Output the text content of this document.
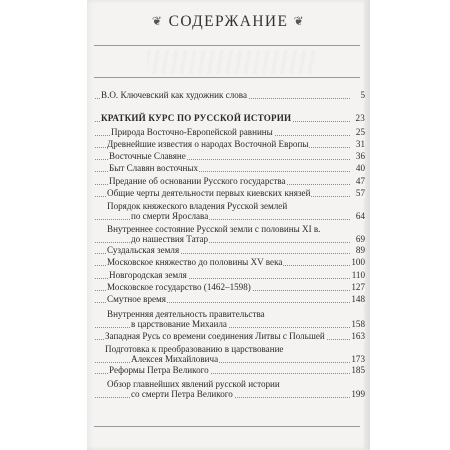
❦ СОДЕРЖАНИЕ ❦
В.О. Ключевский как художник слова	5
КРАТКИЙ КУРС ПО РУССКОЙ ИСТОРИИ	23
Природа Восточно-Европейской равнины	25
Древнейшие известия о народах Восточной Европы	31
Восточные Славяне	36
Быт Славян восточных	40
Предание об основании Русского государства	47
Общие черты деятельности первых киевских князей	57
Порядок княжеского владения Русской землей
по смерти Ярослава	64
Внутреннее состояние Русской земли с половины XI в.
до нашествия Татар	69
Суздальская земля	89
Московское княжество до половины XV века	100
Новгородская земля	110
Московское государство (1462–1598)	127
Смутное время	148
Внутренняя деятельность правительства
в царствование Михаила	158
Западная Русь со времени соединения Литвы с Польшей	163
Подготовка к преобразованию в царствование
Алексея Михайловича	173
Реформы Петра Великого	185
Обзор главнейших явлений русской истории
со смерти Петра Великого	199
